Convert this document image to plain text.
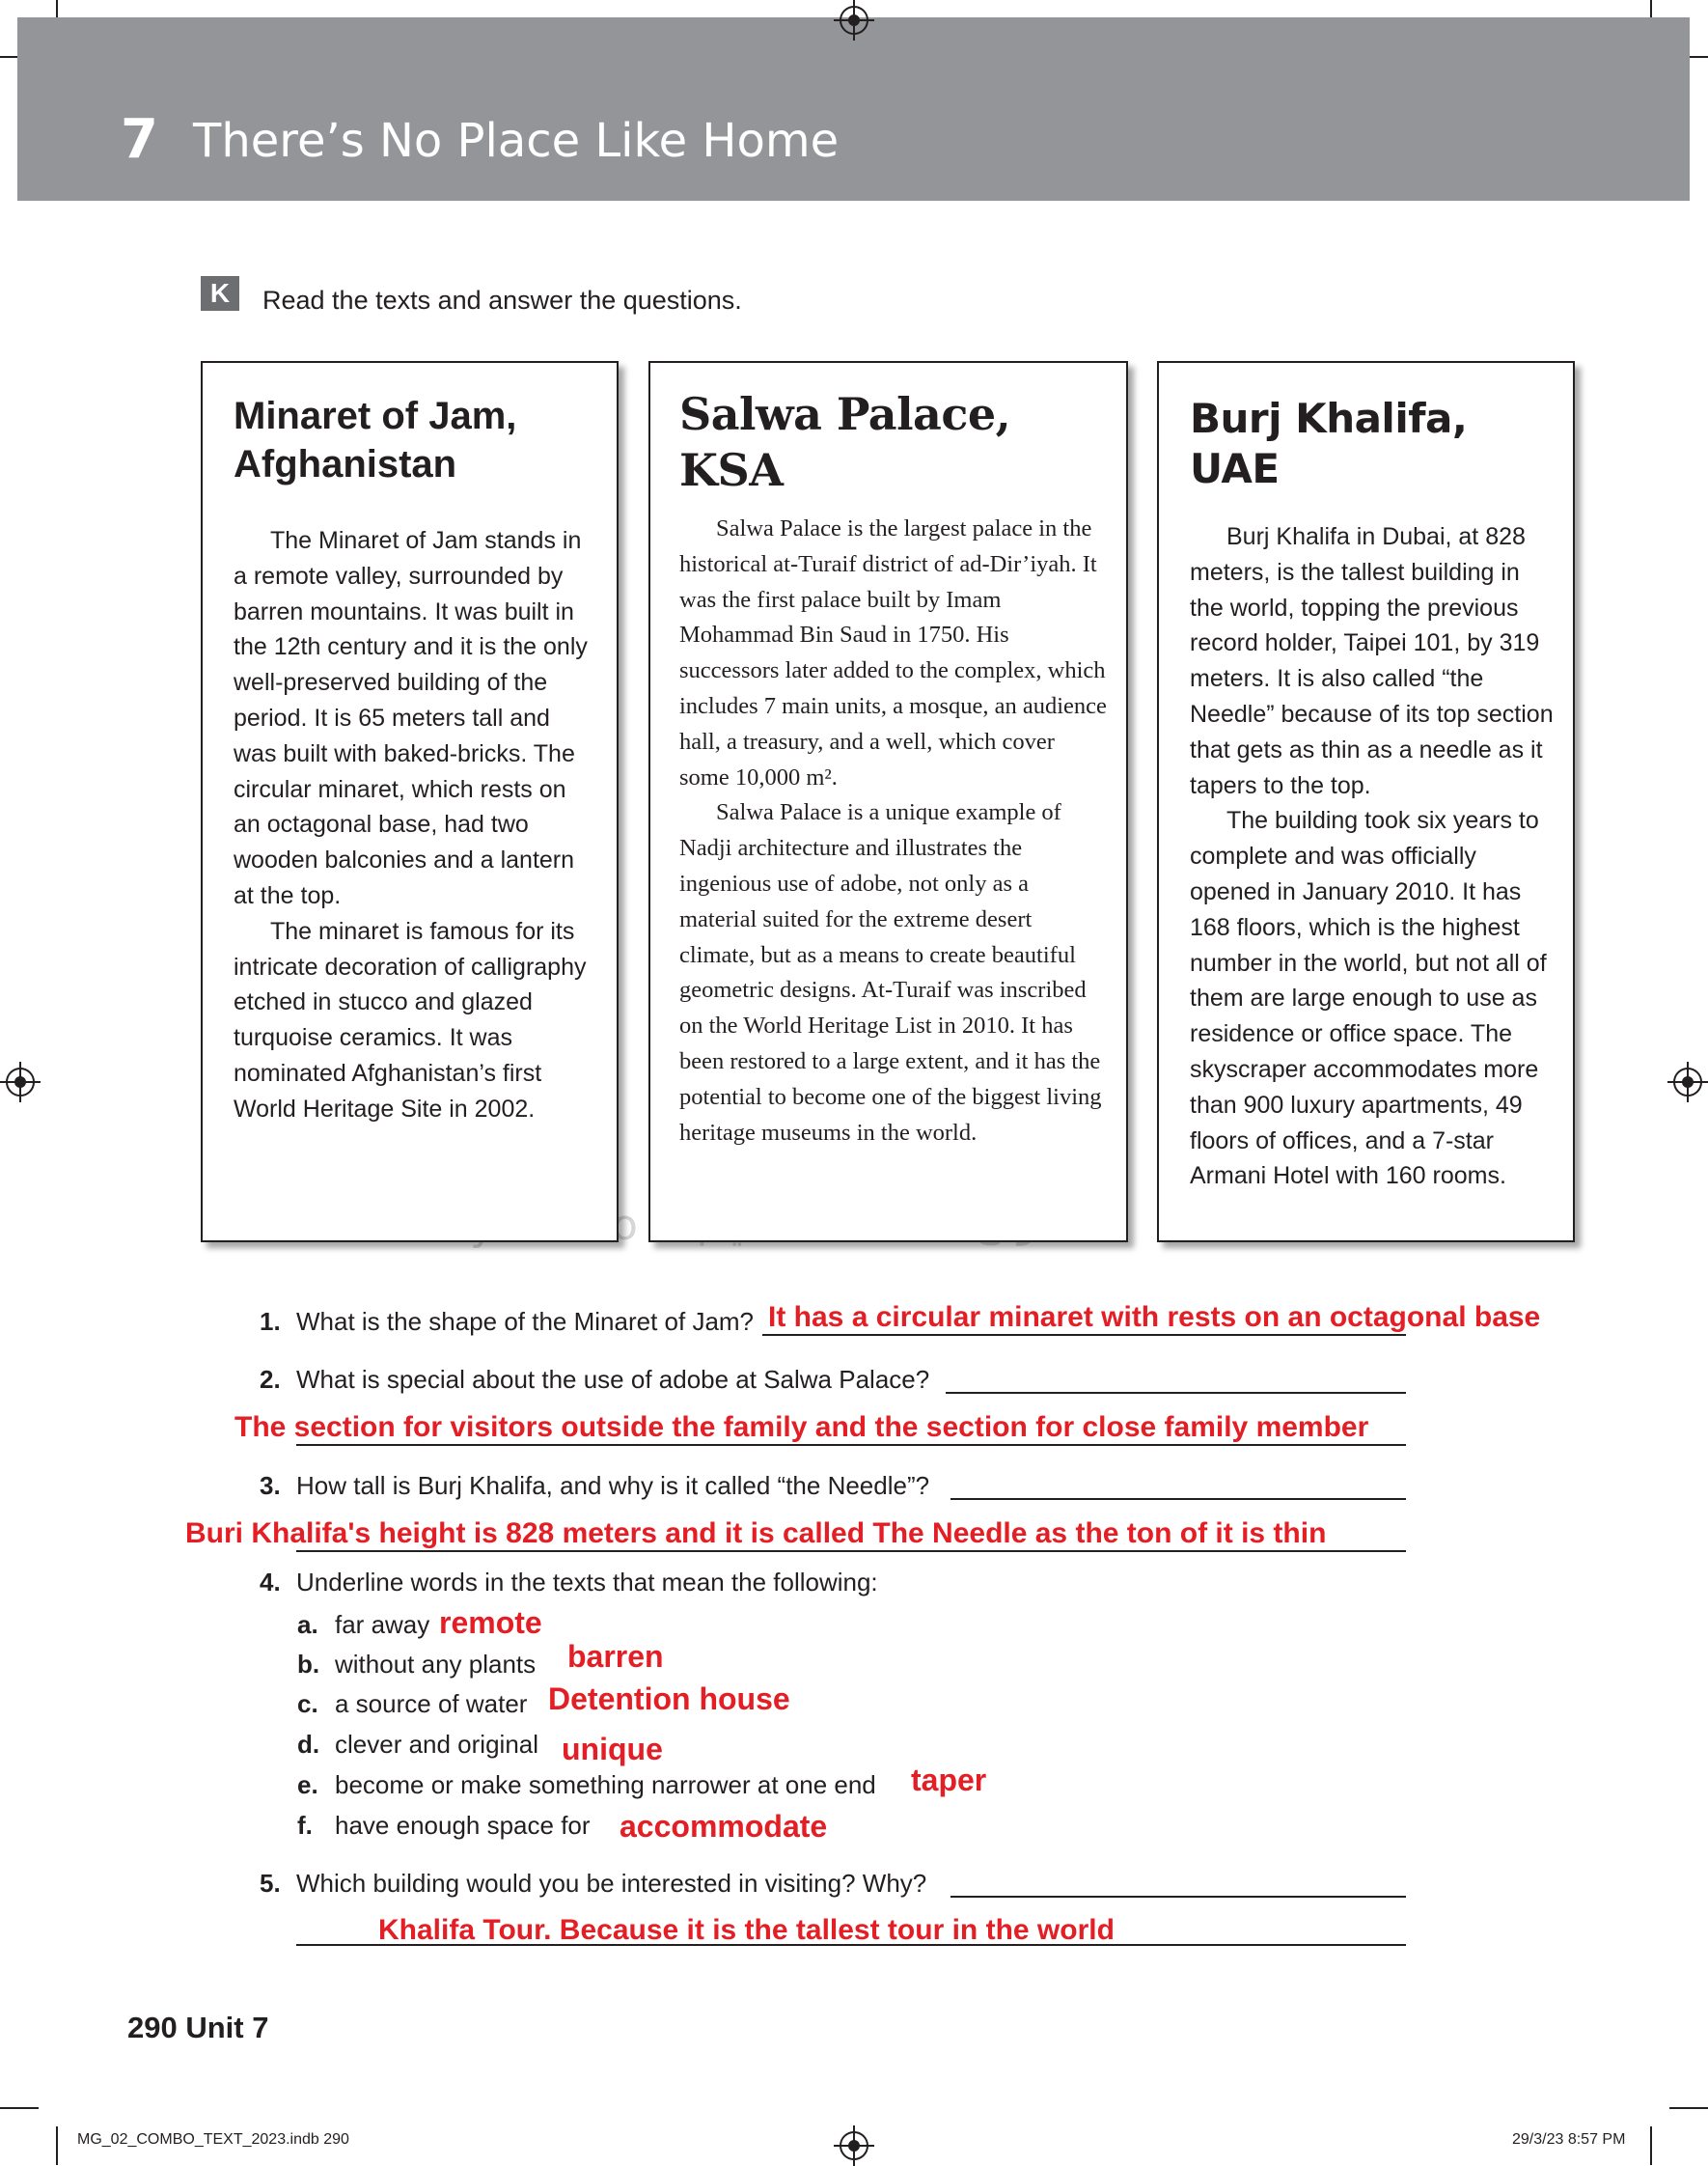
7 There’s No Place Like Home
K	Read the texts and answer the questions.
Minaret of Jam,
Afghanistan

The Minaret of Jam stands in a remote valley, surrounded by barren mountains. It was built in the 12th century and it is the only well-preserved building of the period. It is 65 meters tall and was built with baked-bricks. The circular minaret, which rests on an octagonal base, had two wooden balconies and a lantern at the top.

The minaret is famous for its intricate decoration of calligraphy etched in stucco and glazed turquoise ceramics. It was nominated Afghanistan’s first World Heritage Site in 2002.

Salwa Palace, KSA

Salwa Palace is the largest palace in the historical at-Turaif district of ad-Dir’iyah. It was the first palace built by Imam Mohammad Bin Saud in 1750. His successors later added to the complex, which includes 7 main units, a mosque, an audience hall, a treasury, and a well, which cover some 10,000 m².

Salwa Palace is a unique example of Nadji architecture and illustrates the ingenious use of adobe, not only as a material suited for the extreme desert climate, but as a means to create beautiful geometric designs. At-Turaif was inscribed on the World Heritage List in 2010. It has been restored to a large extent, and it has the potential to become one of the biggest living heritage museums in the world.

Burj Khalifa, UAE

Burj Khalifa in Dubai, at 828 meters, is the tallest building in the world, topping the previous record holder, Taipei 101, by 319 meters. It is also called “the Needle” because of its top section that gets as thin as a needle as it tapers to the top.

The building took six years to complete and was officially opened in January 2010. It has 168 floors, which is the highest number in the world, but not all of them are large enough to use as residence or office space. The skyscraper accommodates more than 900 luxury apartments, 49 floors of offices, and a 7-star Armani Hotel with 160 rooms.

1. What is the shape of the Minaret of Jam? It has a circular minaret with rests on an octagonal base
2. What is special about the use of adobe at Salwa Palace?
The section for visitors outside the family and the section for close family member
3. How tall is Burj Khalifa, and why is it called “the Needle”?
Buri Khalifa's height is 828 meters and it is called The Needle as the ton of it is thin
4. Underline words in the texts that mean the following:
a. far away remote
b. without any plants barren
c. a source of water Detention house
d. clever and original unique
e. become or make something narrower at one end taper
f. have enough space for accommodate
5. Which building would you be interested in visiting? Why?
Khalifa Tour. Because it is the tallest tour in the world
290 Unit 7
MG_02_COMBO_TEXT_2023.indb 290	29/3/23 8:57 PM
